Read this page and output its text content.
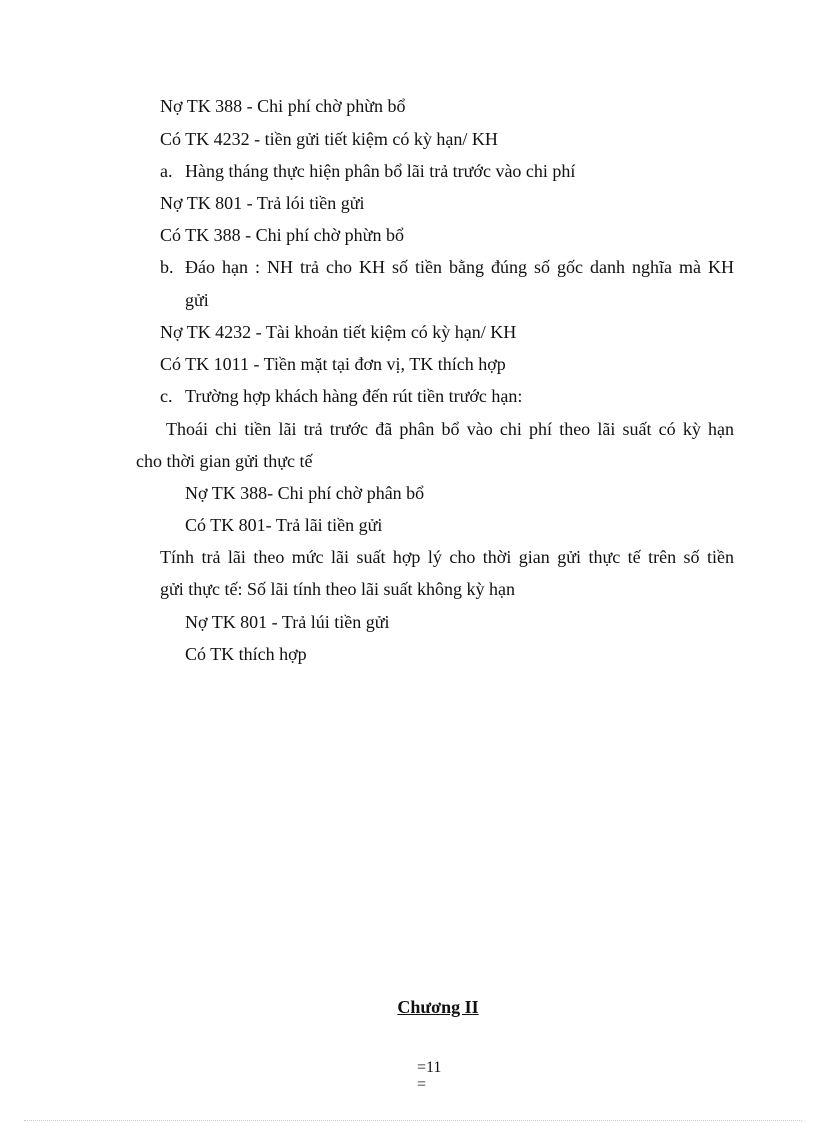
Nợ TK 388 - Chi phí chờ phừn bổ
Có TK 4232 - tiền gửi tiết kiệm có kỳ hạn/ KH
a. Hàng tháng thực hiện phân bổ lãi trả trước vào chi phí
Nợ TK 801 - Trả lói tiền gửi
Có TK 388 - Chi phí chờ phừn bổ
b. Đáo hạn : NH trả cho KH số tiền bằng đúng số gốc danh nghĩa mà KH
gửi
Nợ TK 4232 - Tài khoản tiết kiệm có kỳ hạn/ KH
Có TK 1011 - Tiền mặt tại đơn vị, TK thích hợp
c. Trường hợp khách hàng đến rút tiền trước hạn:
Thoái chi tiền lãi trả trước đã phân bổ vào chi phí theo lãi suất có kỳ hạn
cho thời gian gửi thực tế
Nợ TK 388- Chi phí chờ phân bổ
Có TK 801- Trả lãi tiền gửi
Tính trả lãi theo mức lãi suất hợp lý cho thời gian gửi thực tế trên số tiền
gửi thực tế: Số lãi tính theo lãi suất không kỳ hạn
Nợ TK 801 - Trả lúi tiền gửi
Có TK thích hợp
Chương II
=11
=
